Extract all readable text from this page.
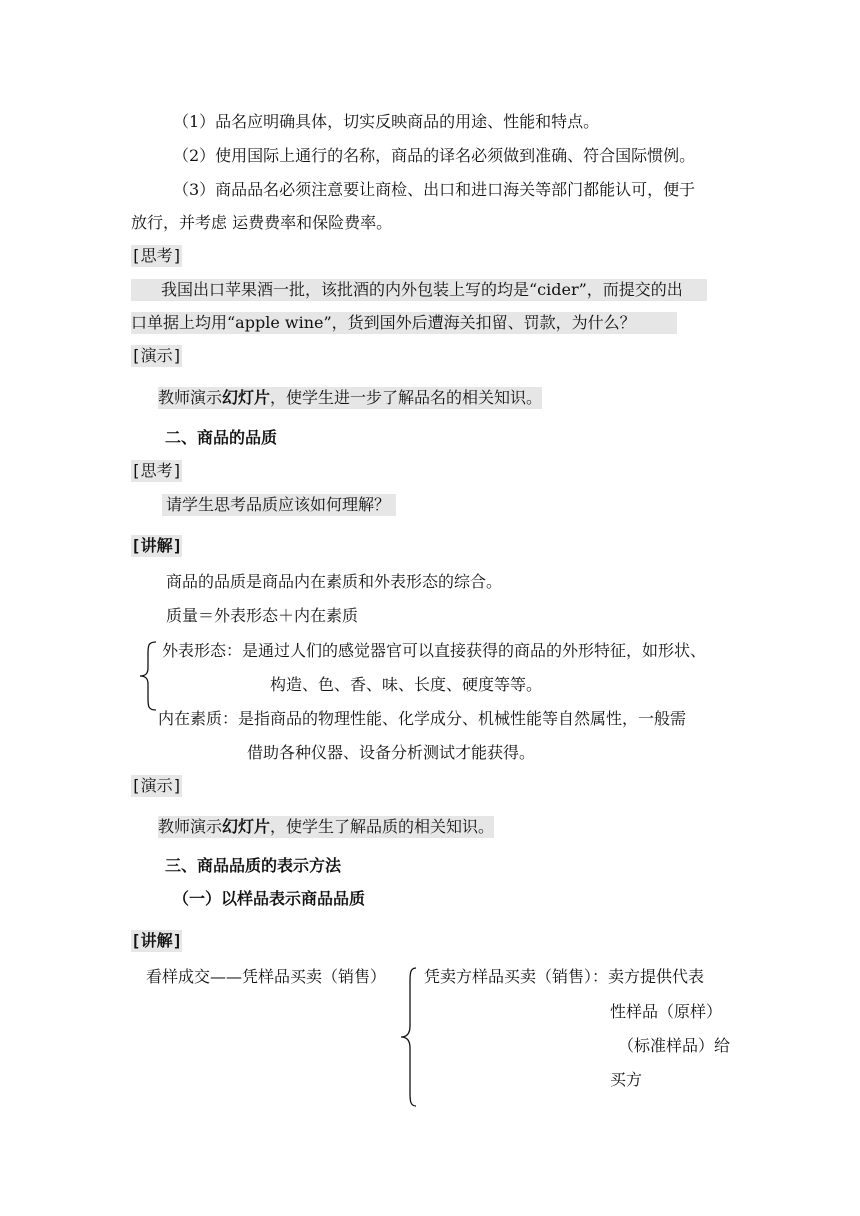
（1）品名应明确具体，切实反映商品的用途、性能和特点。
（2）使用国际上通行的名称，商品的译名必须做到准确、符合国际惯例。
（3）商品品名必须注意要让商检、出口和进口海关等部门都能认可，便于
放行，并考虑 运费费率和保险费率。
[思考]
我国出口苹果酒一批，该批酒的内外包装上写的均是“cider”，而提交的出
口单据上均用“apple wine”，货到国外后遭海关扣留、罚款，为什么？
[演示]
教师演示幻灯片，使学生进一步了解品名的相关知识。
二、商品的品质
[思考]
请学生思考品质应该如何理解？
[讲解]
商品的品质是商品内在素质和外表形态的综合。
质量＝外表形态＋内在素质
外表形态：是通过人们的感觉器官可以直接获得的商品的外形特征，如形状、
构造、色、香、味、长度、硬度等等。
内在素质：是指商品的物理性能、化学成分、机械性能等自然属性，一般需
借助各种仪器、设备分析测试才能获得。
[演示]
教师演示幻灯片，使学生了解品质的相关知识。
三、商品品质的表示方法
（一）以样品表示商品品质
[讲解]
看样成交——凭样品买卖（销售） 凭卖方样品买卖（销售）：卖方提供代表
性样品（原样）
（标准样品）给
买方
